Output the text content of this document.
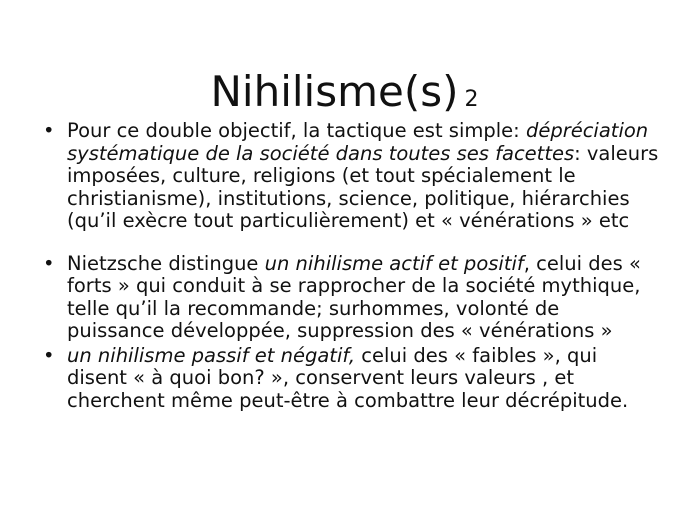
Nihilisme(s) 2
• Pour ce double objectif, la tactique est simple: dépréciation systématique de la société dans toutes ses facettes: valeurs imposées, culture, religions (et tout spécialement le christianisme), institutions, science, politique, hiérarchies (qu’il exècre tout particulièrement) et « vénérations » etc
• Nietzsche distingue un nihilisme actif et positif, celui des « forts » qui conduit à se rapprocher de la société mythique, telle qu’il la recommande; surhommes, volonté de puissance développée, suppression des « vénérations »
• un nihilisme passif et négatif, celui des « faibles », qui disent « à quoi bon? », conservent leurs valeurs , et cherchent même peut-être à combattre leur décrépitude.
